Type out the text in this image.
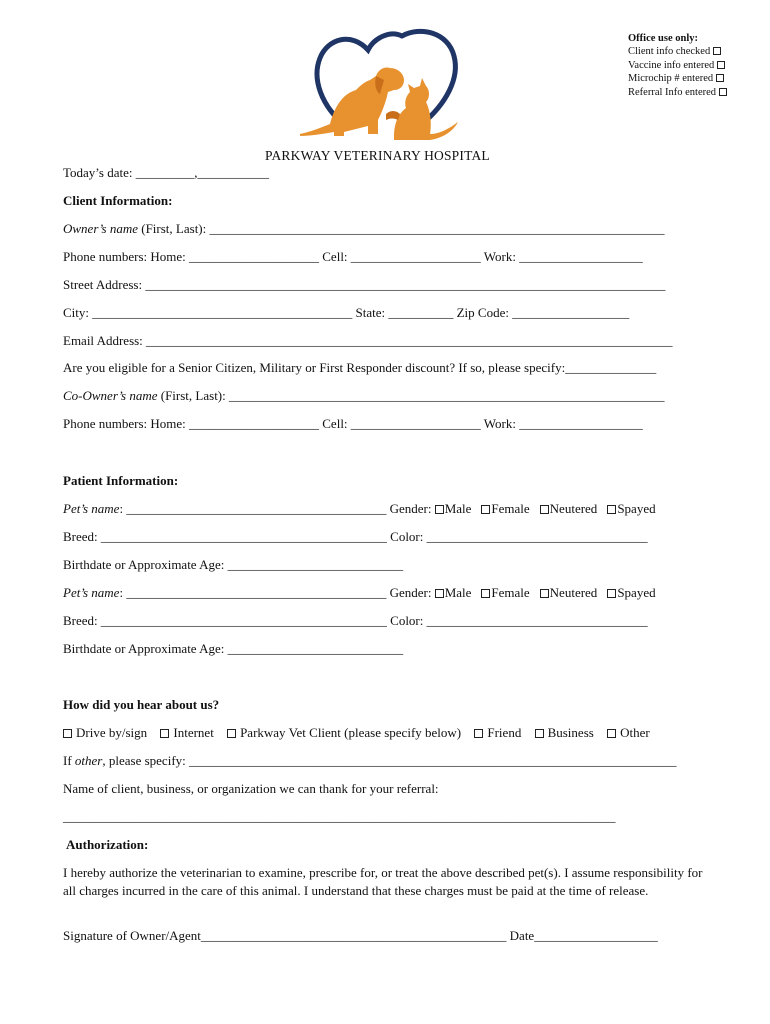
Office use only:
Client info checked
Vaccine info entered
Microchip # entered
Referral Info entered
PARKWAY VETERINARY HOSPITAL
Today’s date: _________,___________
Client Information:
Owner’s name (First, Last): ______________________________________________________________________
Phone numbers: Home: ____________________ Cell: ____________________ Work: ___________________
Street Address: ________________________________________________________________________________
City: ________________________________________ State: __________ Zip Code: __________________
Email Address: _________________________________________________________________________________
Are you eligible for a Senior Citizen, Military or First Responder discount? If so, please specify:______________
Co-Owner’s name (First, Last): ___________________________________________________________________
Phone numbers: Home: ____________________ Cell: ____________________ Work: ___________________
Patient Information:
Pet’s name: ________________________________________ Gender: Male Female Neutered Spayed
Breed: ____________________________________________ Color: __________________________________
Birthdate or Approximate Age: ___________________________
Pet’s name: ________________________________________ Gender: Male Female Neutered Spayed
Breed: ____________________________________________ Color: __________________________________
Birthdate or Approximate Age: ___________________________
How did you hear about us?
Drive by/sign Internet Parkway Vet Client (please specify below) Friend Business Other
If other, please specify: ___________________________________________________________________________
Name of client, business, or organization we can thank for your referral:
_____________________________________________________________________________________
Authorization:
I hereby authorize the veterinarian to examine, prescribe for, or treat the above described pet(s). I assume responsibility for all charges incurred in the care of this animal. I understand that these charges must be paid at the time of release.
Signature of Owner/Agent_______________________________________________ Date___________________
